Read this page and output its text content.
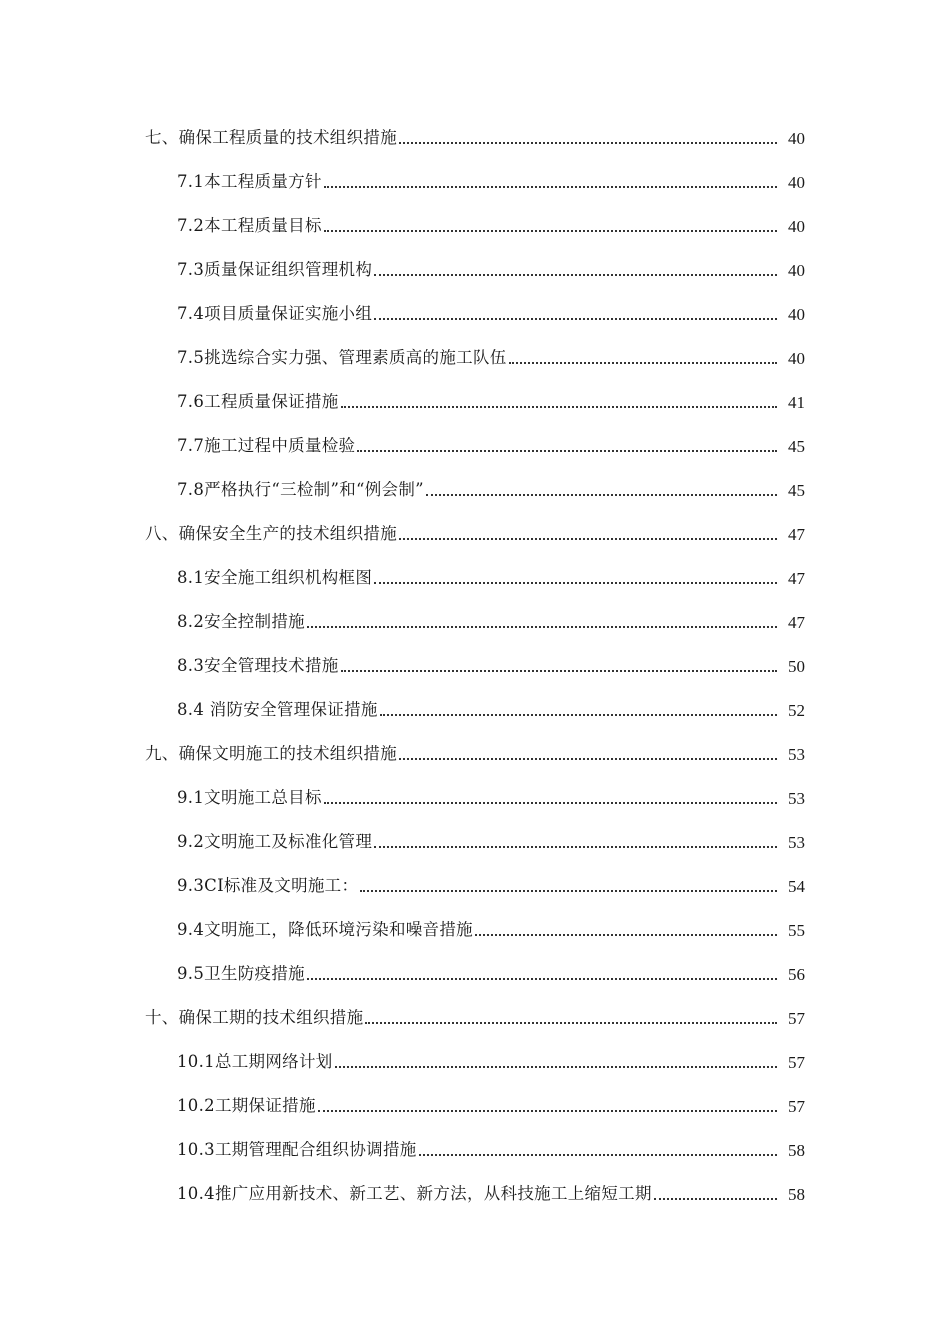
七、确保工程质量的技术组织措施	40
7.1本工程质量方针	40
7.2本工程质量目标	40
7.3质量保证组织管理机构	40
7.4项目质量保证实施小组	40
7.5挑选综合实力强、管理素质高的施工队伍	40
7.6工程质量保证措施	41
7.7施工过程中质量检验	45
7.8严格执行“三检制”和“例会制”	45
八、确保安全生产的技术组织措施	47
8.1安全施工组织机构框图	47
8.2安全控制措施	47
8.3安全管理技术措施	50
8.4 消防安全管理保证措施	52
九、确保文明施工的技术组织措施	53
9.1文明施工总目标	53
9.2文明施工及标准化管理	53
9.3CI标准及文明施工：	54
9.4文明施工，降低环境污染和噪音措施	55
9.5卫生防疫措施	56
十、确保工期的技术组织措施	57
10.1总工期网络计划	57
10.2工期保证措施	57
10.3工期管理配合组织协调措施	58
10.4推广应用新技术、新工艺、新方法，从科技施工上缩短工期	58
